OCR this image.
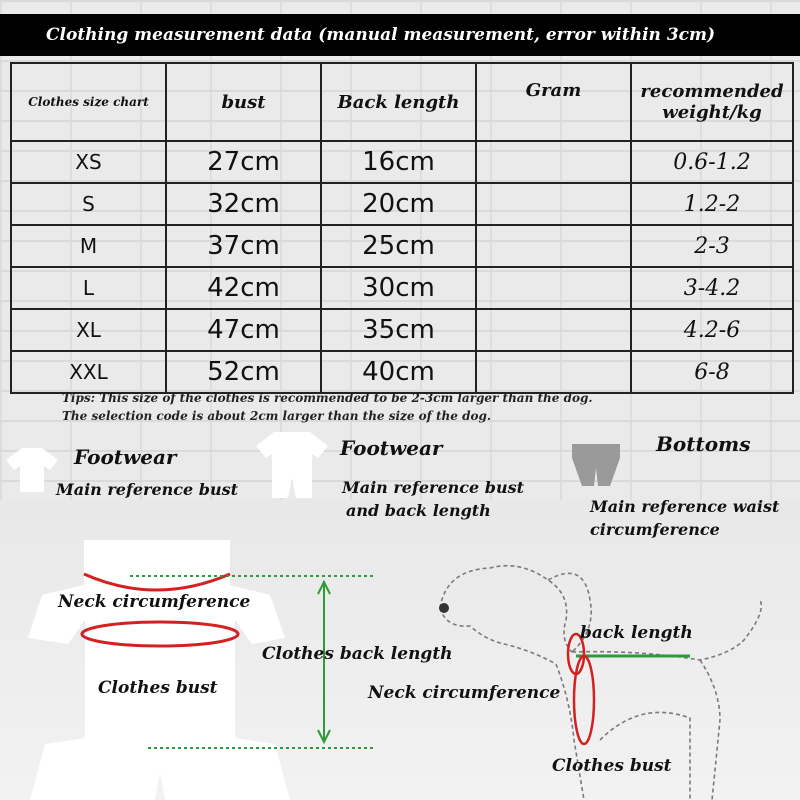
Clothing measurement data (manual measurement, error within 3cm)
Clothes size chart	bust	Back length	Gram	recommended weight/kg
XS	27cm	16cm		0.6-1.2
S	32cm	20cm		1.2-2
M	37cm	25cm		2-3
L	42cm	30cm		3-4.2
XL	47cm	35cm		4.2-6
XXL	52cm	40cm		6-8
Tips: This size of the clothes is recommended to be 2-3cm larger than the dog.
The selection code is about 2cm larger than the size of the dog.
Footwear
Main reference bust
Footwear
Main reference bust
and back length
Bottoms
Main reference waist
circumference
Neck circumference
Clothes bust
Clothes back length
back length
Neck circumference
Clothes bust
